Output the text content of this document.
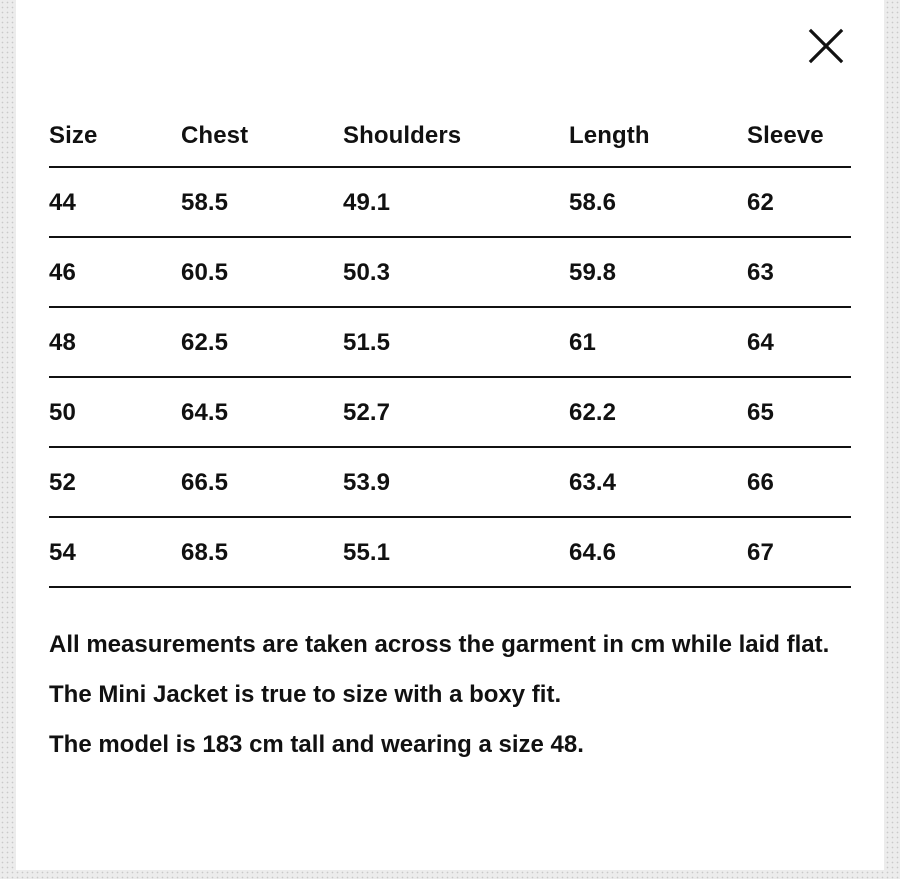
Size	Chest	Shoulders	Length	Sleeve
44	58.5	49.1	58.6	62
46	60.5	50.3	59.8	63
48	62.5	51.5	61	64
50	64.5	52.7	62.2	65
52	66.5	53.9	63.4	66
54	68.5	55.1	64.6	67

All measurements are taken across the garment in cm while laid flat.

The Mini Jacket is true to size with a boxy fit.

The model is 183 cm tall and wearing a size 48.
